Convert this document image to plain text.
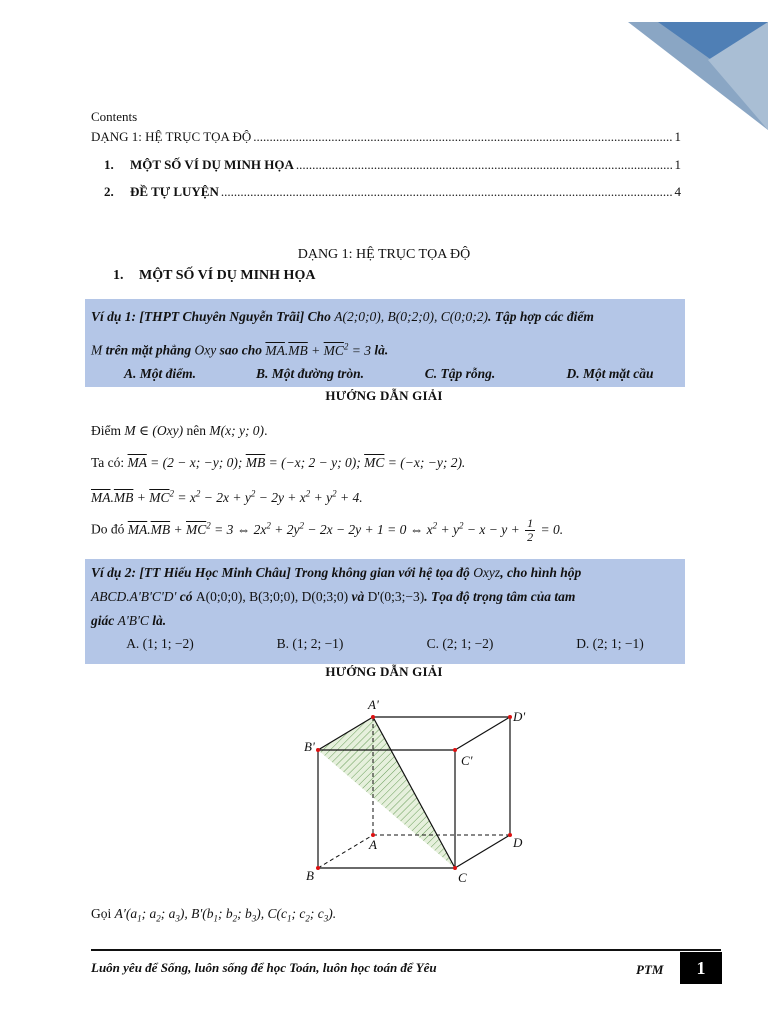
Contents
DẠNG 1: HỆ TRỤC TỌA ĐỘ .....	1
1.	MỘT SỐ VÍ DỤ MINH HỌA .....	1
2.	ĐỀ TỰ LUYỆN .....	4
DẠNG 1: HỆ TRỤC TỌA ĐỘ
1. MỘT SỐ VÍ DỤ MINH HỌA
Ví dụ 1: [THPT Chuyên Nguyễn Trãi] Cho A(2;0;0), B(0;2;0), C(0;0;2). Tập hợp các điểm
M trên mặt phẳng Oxy sao cho $\overline{MA}.\overline{MB} + \overline{MC}^2 = 3$ là.
A. Một điểm.	B. Một đường tròn.	C. Tập rỗng.	D. Một mặt cầu
HƯỚNG DẪN GIẢI
Điểm M ∈ (Oxy) nên M(x; y; 0).
Ta có: $\overline{MA} = (2 - x$; −y; 0); $\overline{MB} = (-x$; 2 − y; 0); $\overline{MC} = (-x$; −y; 2).
$\overline{MA}.\overline{MB} + \overline{MC}^2 = x^2 - 2x + y^2 - 2y + x^2 + y^2 + 4$.
Do đó $\overline{MA}.\overline{MB} + \overline{MC}^2 = 3$ ⇔ $2x^2 + 2y^2 - 2x - 2y + 1 = 0$ ⇔ $x^2 + y^2 - x - y + \frac{1}{2} = 0$.
Ví dụ 2: [TT Hiếu Học Minh Châu] Trong không gian với hệ tọa độ Oxyz, cho hình hộp
ABCD.A'B'C'D' có A(0;0;0), B(3;0;0), D(0;3;0) và D'(0;3;−3). Tọa độ trọng tâm của tam
giác A'B'C là.
A. (1; 1; −2)	B. (1; 2; −1)	C. (2; 1; −2)	D. (2; 1; −1)
HƯỚNG DẪN GIẢI
A'
D'
B'
C'
A	D
B	C
Gọi $A'(a_1$; $a_2$; $a_3$), $B'(b_1$; $b_2$; $b_3$), $C(c_1$; $c_2$; $c_3$).
Luôn yêu để Sống, luôn sống để học Toán, luôn học toán để Yêu	PTM	1
